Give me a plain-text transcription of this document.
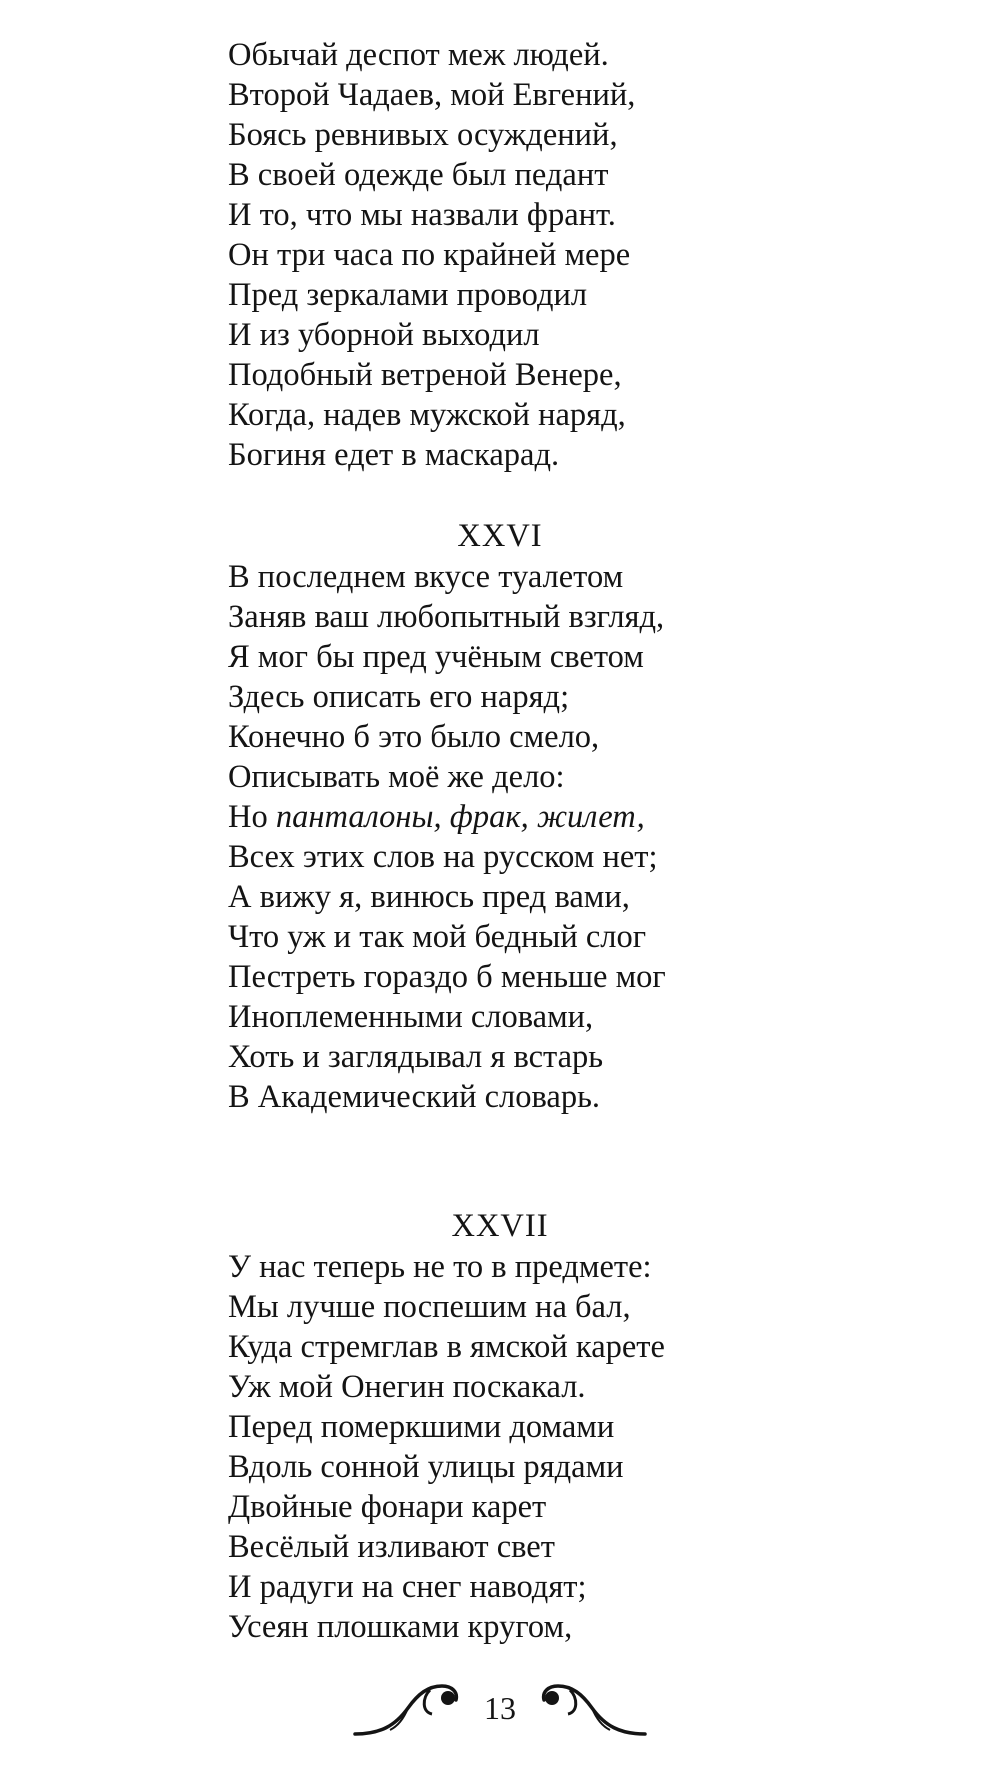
Обычай деспот меж людей.
Второй Чадаев, мой Евгений,
Боясь ревнивых осуждений,
В своей одежде был педант
И то, что мы назвали франт.
Он три часа по крайней мере
Пред зеркалами проводил
И из уборной выходил
Подобный ветреной Венере,
Когда, надев мужской наряд,
Богиня едет в маскарад.
XXVI
В последнем вкусе туалетом
Заняв ваш любопытный взгляд,
Я мог бы пред учёным светом
Здесь описать его наряд;
Конечно б это было смело,
Описывать моё же дело:
Но панталоны, фрак, жилет,
Всех этих слов на русском нет;
А вижу я, винюсь пред вами,
Что уж и так мой бедный слог
Пестреть гораздо б меньше мог
Иноплеменными словами,
Хоть и заглядывал я встарь
В Академический словарь.
XXVII
У нас теперь не то в предмете:
Мы лучше поспешим на бал,
Куда стремглав в ямской карете
Уж мой Онегин поскакал.
Перед померкшими домами
Вдоль сонной улицы рядами
Двойные фонари карет
Весёлый изливают свет
И радуги на снег наводят;
Усеян плошками кругом,
13
